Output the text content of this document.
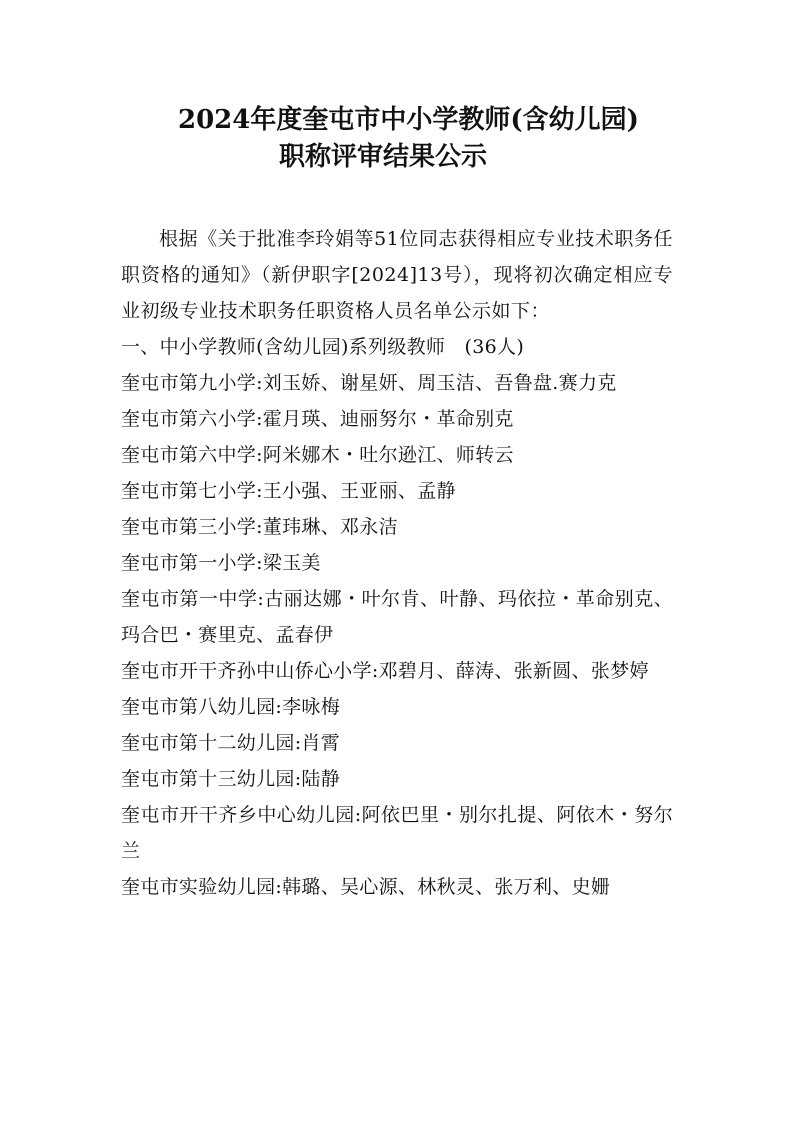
2024年度奎屯市中小学教师(含幼儿园)
职称评审结果公示

根据《关于批准李玲娟等51位同志获得相应专业技术职务任职资格的通知》（新伊职字[2024]13号），现将初次确定相应专业初级专业技术职务任职资格人员名单公示如下：

一、中小学教师(含幼儿园)系列级教师　(36人)

奎屯市第九小学:刘玉娇、谢星妍、周玉洁、吾鲁盘.赛力克

奎屯市第六小学:霍月瑛、迪丽努尔・革命别克

奎屯市第六中学:阿米娜木・吐尔逊江、师转云

奎屯市第七小学:王小强、王亚丽、孟静

奎屯市第三小学:董玮琳、邓永洁

奎屯市第一小学:梁玉美

奎屯市第一中学:古丽达娜・叶尔肯、叶静、玛依拉・革命别克、玛合巴・赛里克、孟春伊

奎屯市开干齐孙中山侨心小学:邓碧月、薛涛、张新圆、张梦婷

奎屯市第八幼儿园:李咏梅

奎屯市第十二幼儿园:肖霄

奎屯市第十三幼儿园:陆静

奎屯市开干齐乡中心幼儿园:阿依巴里・别尔扎提、阿依木・努尔兰

奎屯市实验幼儿园:韩璐、吴心源、林秋灵、张万利、史姗
